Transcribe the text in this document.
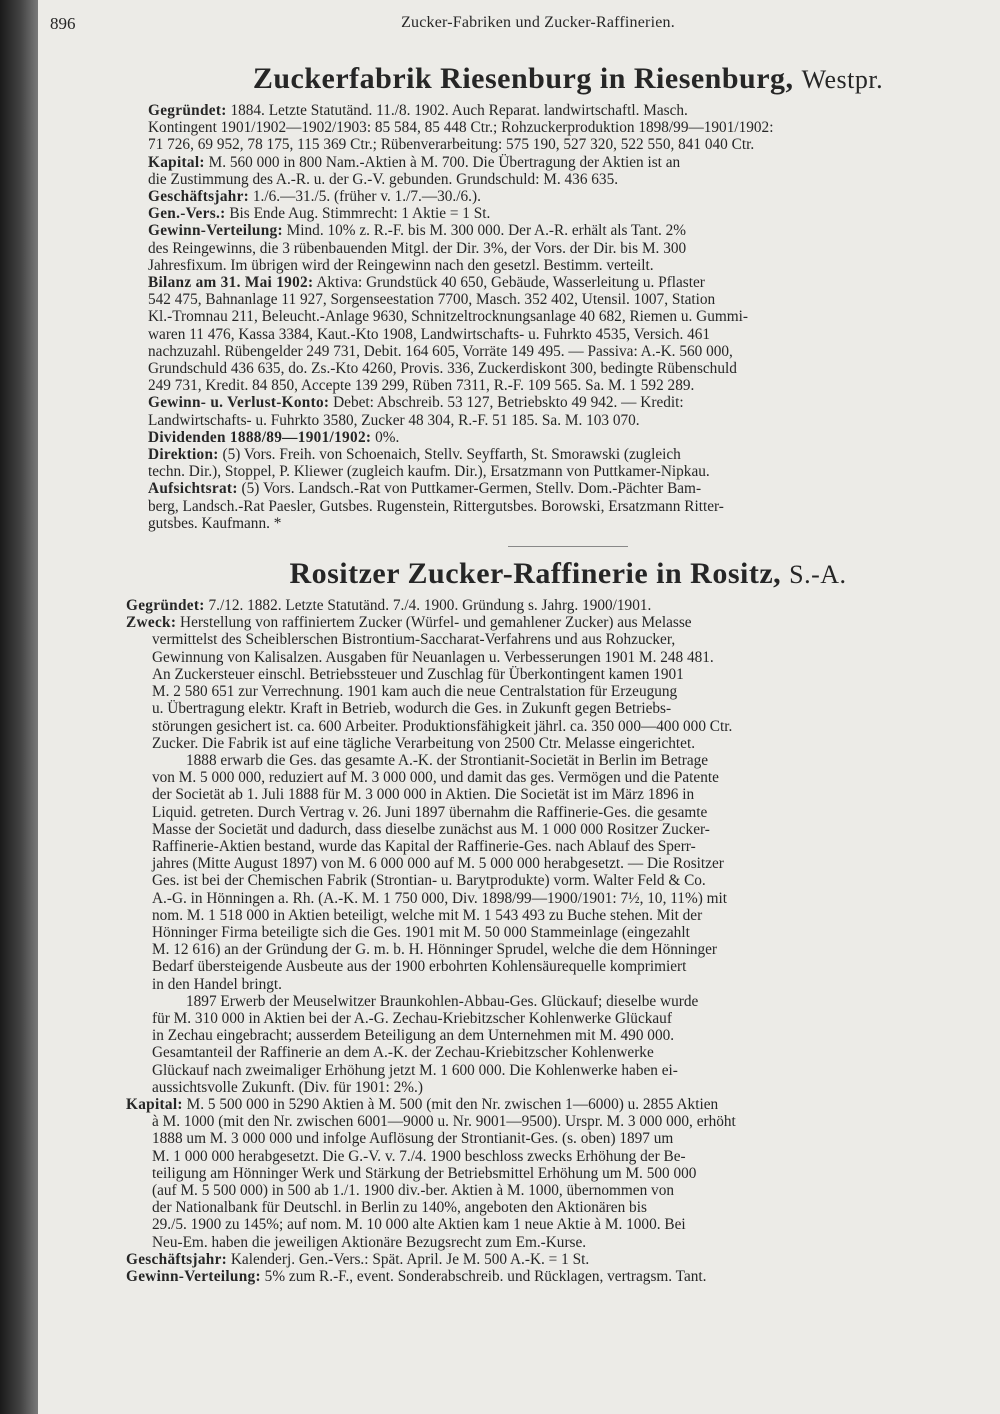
896	Zucker-Fabriken und Zucker-Raffinerien.
Zuckerfabrik Riesenburg in Riesenburg, Westpr.

Gegründet: 1884. Letzte Statutänd. 11./8. 1902. Auch Reparat. landwirtschaftl. Masch.

Kontingent 1901/1902—1902/1903: 85 584, 85 448 Ctr.; Rohzuckerproduktion 1898/99—1901/1902:

71 726, 69 952, 78 175, 115 369 Ctr.; Rübenverarbeitung: 575 190, 527 320, 522 550, 841 040 Ctr.

Kapital: M. 560 000 in 800 Nam.-Aktien à M. 700. Die Übertragung der Aktien ist an

die Zustimmung des A.-R. u. der G.-V. gebunden. Grundschuld: M. 436 635.

Geschäftsjahr: 1./6.—31./5. (früher v. 1./7.—30./6.).

Gen.-Vers.: Bis Ende Aug. Stimmrecht: 1 Aktie = 1 St.

Gewinn-Verteilung: Mind. 10% z. R.-F. bis M. 300 000. Der A.-R. erhält als Tant. 2%

des Reingewinns, die 3 rübenbauenden Mitgl. der Dir. 3%, der Vors. der Dir. bis M. 300

Jahresfixum. Im übrigen wird der Reingewinn nach den gesetzl. Bestimm. verteilt.

Bilanz am 31. Mai 1902: Aktiva: Grundstück 40 650, Gebäude, Wasserleitung u. Pflaster

542 475, Bahnanlage 11 927, Sorgenseestation 7700, Masch. 352 402, Utensil. 1007, Station

Kl.-Tromnau 211, Beleucht.-Anlage 9630, Schnitzeltrocknungsanlage 40 682, Riemen u. Gummi-

waren 11 476, Kassa 3384, Kaut.-Kto 1908, Landwirtschafts- u. Fuhrkto 4535, Versich. 461

nachzuzahl. Rübengelder 249 731, Debit. 164 605, Vorräte 149 495. — Passiva: A.-K. 560 000,

Grundschuld 436 635, do. Zs.-Kto 4260, Provis. 336, Zuckerdiskont 300, bedingte Rübenschuld

249 731, Kredit. 84 850, Accepte 139 299, Rüben 7311, R.-F. 109 565. Sa. M. 1 592 289.

Gewinn- u. Verlust-Konto: Debet: Abschreib. 53 127, Betriebskto 49 942. — Kredit:

Landwirtschafts- u. Fuhrkto 3580, Zucker 48 304, R.-F. 51 185. Sa. M. 103 070.

Dividenden 1888/89—1901/1902: 0%.

Direktion: (5) Vors. Freih. von Schoenaich, Stellv. Seyffarth, St. Smorawski (zugleich

techn. Dir.), Stoppel, P. Kliewer (zugleich kaufm. Dir.), Ersatzmann von Puttkamer-Nipkau.

Aufsichtsrat: (5) Vors. Landsch.-Rat von Puttkamer-Germen, Stellv. Dom.-Pächter Bam-

berg, Landsch.-Rat Paesler, Gutsbes. Rugenstein, Rittergutsbes. Borowski, Ersatzmann Ritter-

gutsbes. Kaufmann. *

Rositzer Zucker-Raffinerie in Rositz, S.-A.

Gegründet: 7./12. 1882. Letzte Statutänd. 7./4. 1900. Gründung s. Jahrg. 1900/1901.

Zweck: Herstellung von raffiniertem Zucker (Würfel- und gemahlener Zucker) aus Melasse

vermittelst des Scheiblerschen Bistrontium-Saccharat-Verfahrens und aus Rohzucker,

Gewinnung von Kalisalzen. Ausgaben für Neuanlagen u. Verbesserungen 1901 M. 248 481.

An Zuckersteuer einschl. Betriebssteuer und Zuschlag für Überkontingent kamen 1901

M. 2 580 651 zur Verrechnung. 1901 kam auch die neue Centralstation für Erzeugung

u. Übertragung elektr. Kraft in Betrieb, wodurch die Ges. in Zukunft gegen Betriebs-

störungen gesichert ist. ca. 600 Arbeiter. Produktionsfähigkeit jährl. ca. 350 000—400 000 Ctr.

Zucker. Die Fabrik ist auf eine tägliche Verarbeitung von 2500 Ctr. Melasse eingerichtet.

1888 erwarb die Ges. das gesamte A.-K. der Strontianit-Societät in Berlin im Betrage

von M. 5 000 000, reduziert auf M. 3 000 000, und damit das ges. Vermögen und die Patente

der Societät ab 1. Juli 1888 für M. 3 000 000 in Aktien. Die Societät ist im März 1896 in

Liquid. getreten. Durch Vertrag v. 26. Juni 1897 übernahm die Raffinerie-Ges. die gesamte

Masse der Societät und dadurch, dass dieselbe zunächst aus M. 1 000 000 Rositzer Zucker-

Raffinerie-Aktien bestand, wurde das Kapital der Raffinerie-Ges. nach Ablauf des Sperr-

jahres (Mitte August 1897) von M. 6 000 000 auf M. 5 000 000 herabgesetzt. — Die Rositzer

Ges. ist bei der Chemischen Fabrik (Strontian- u. Barytprodukte) vorm. Walter Feld & Co.

A.-G. in Hönningen a. Rh. (A.-K. M. 1 750 000, Div. 1898/99—1900/1901: 7½, 10, 11%) mit

nom. M. 1 518 000 in Aktien beteiligt, welche mit M. 1 543 493 zu Buche stehen. Mit der

Hönninger Firma beteiligte sich die Ges. 1901 mit M. 50 000 Stammeinlage (eingezahlt

M. 12 616) an der Gründung der G. m. b. H. Hönninger Sprudel, welche die dem Hönninger

Bedarf übersteigende Ausbeute aus der 1900 erbohrten Kohlensäurequelle komprimiert

in den Handel bringt.

1897 Erwerb der Meuselwitzer Braunkohlen-Abbau-Ges. Glückauf; dieselbe wurde

für M. 310 000 in Aktien bei der A.-G. Zechau-Kriebitzscher Kohlenwerke Glückauf

in Zechau eingebracht; ausserdem Beteiligung an dem Unternehmen mit M. 490 000.

Gesamtanteil der Raffinerie an dem A.-K. der Zechau-Kriebitzscher Kohlenwerke

Glückauf nach zweimaliger Erhöhung jetzt M. 1 600 000. Die Kohlenwerke haben ei-

aussichtsvolle Zukunft. (Div. für 1901: 2%.)

Kapital: M. 5 500 000 in 5290 Aktien à M. 500 (mit den Nr. zwischen 1—6000) u. 2855 Aktien

à M. 1000 (mit den Nr. zwischen 6001—9000 u. Nr. 9001—9500). Urspr. M. 3 000 000, erhöht

1888 um M. 3 000 000 und infolge Auflösung der Strontianit-Ges. (s. oben) 1897 um

M. 1 000 000 herabgesetzt. Die G.-V. v. 7./4. 1900 beschloss zwecks Erhöhung der Be-

teiligung am Hönninger Werk und Stärkung der Betriebsmittel Erhöhung um M. 500 000

(auf M. 5 500 000) in 500 ab 1./1. 1900 div.-ber. Aktien à M. 1000, übernommen von

der Nationalbank für Deutschl. in Berlin zu 140%, angeboten den Aktionären bis

29./5. 1900 zu 145%; auf nom. M. 10 000 alte Aktien kam 1 neue Aktie à M. 1000. Bei

Neu-Em. haben die jeweiligen Aktionäre Bezugsrecht zum Em.-Kurse.

Geschäftsjahr: Kalenderj. Gen.-Vers.: Spät. April. Je M. 500 A.-K. = 1 St.

Gewinn-Verteilung: 5% zum R.-F., event. Sonderabschreib. und Rücklagen, vertragsm. Tant.
